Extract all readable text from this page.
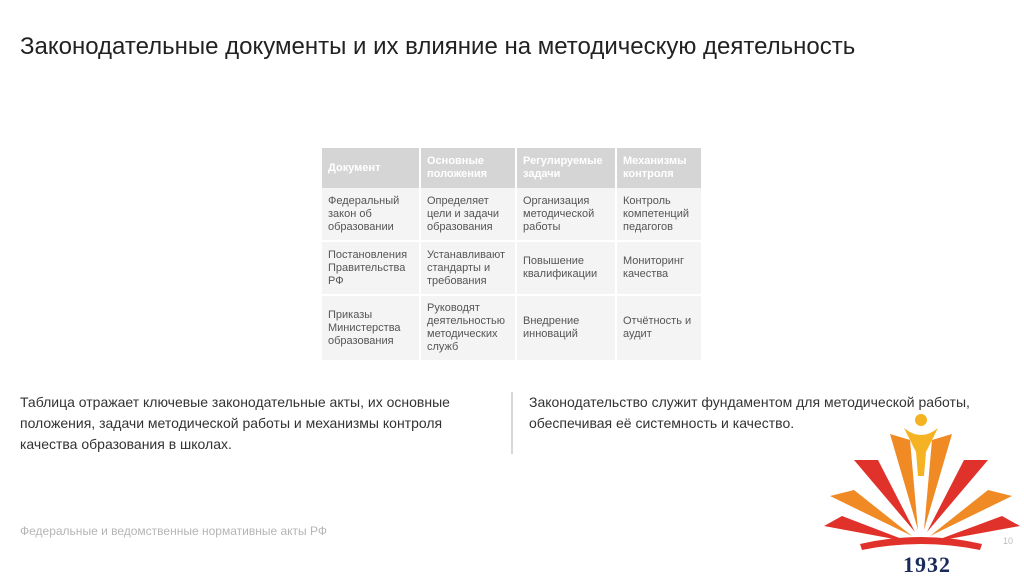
Законодательные документы и их влияние на методическую деятельность
Документ	Основные положения	Регулируемые задачи	Механизмы контроля
Федеральный закон об образовании	Определяет цели и задачи образования	Организация методической работы	Контроль компетенций педагогов
Постановления Правительства РФ	Устанавливают стандарты и требования	Повышение квалификации	Мониторинг качества
Приказы Министерства образования	Руководят деятельностью методических служб	Внедрение инноваций	Отчётность и аудит
Таблица отражает ключевые законодательные акты, их основные положения, задачи методической работы и механизмы контроля качества образования в школах.
Законодательство служит фундаментом для методической работы, обеспечивая её системность и качество.
Федеральные и ведомственные нормативные акты РФ
10
1932
